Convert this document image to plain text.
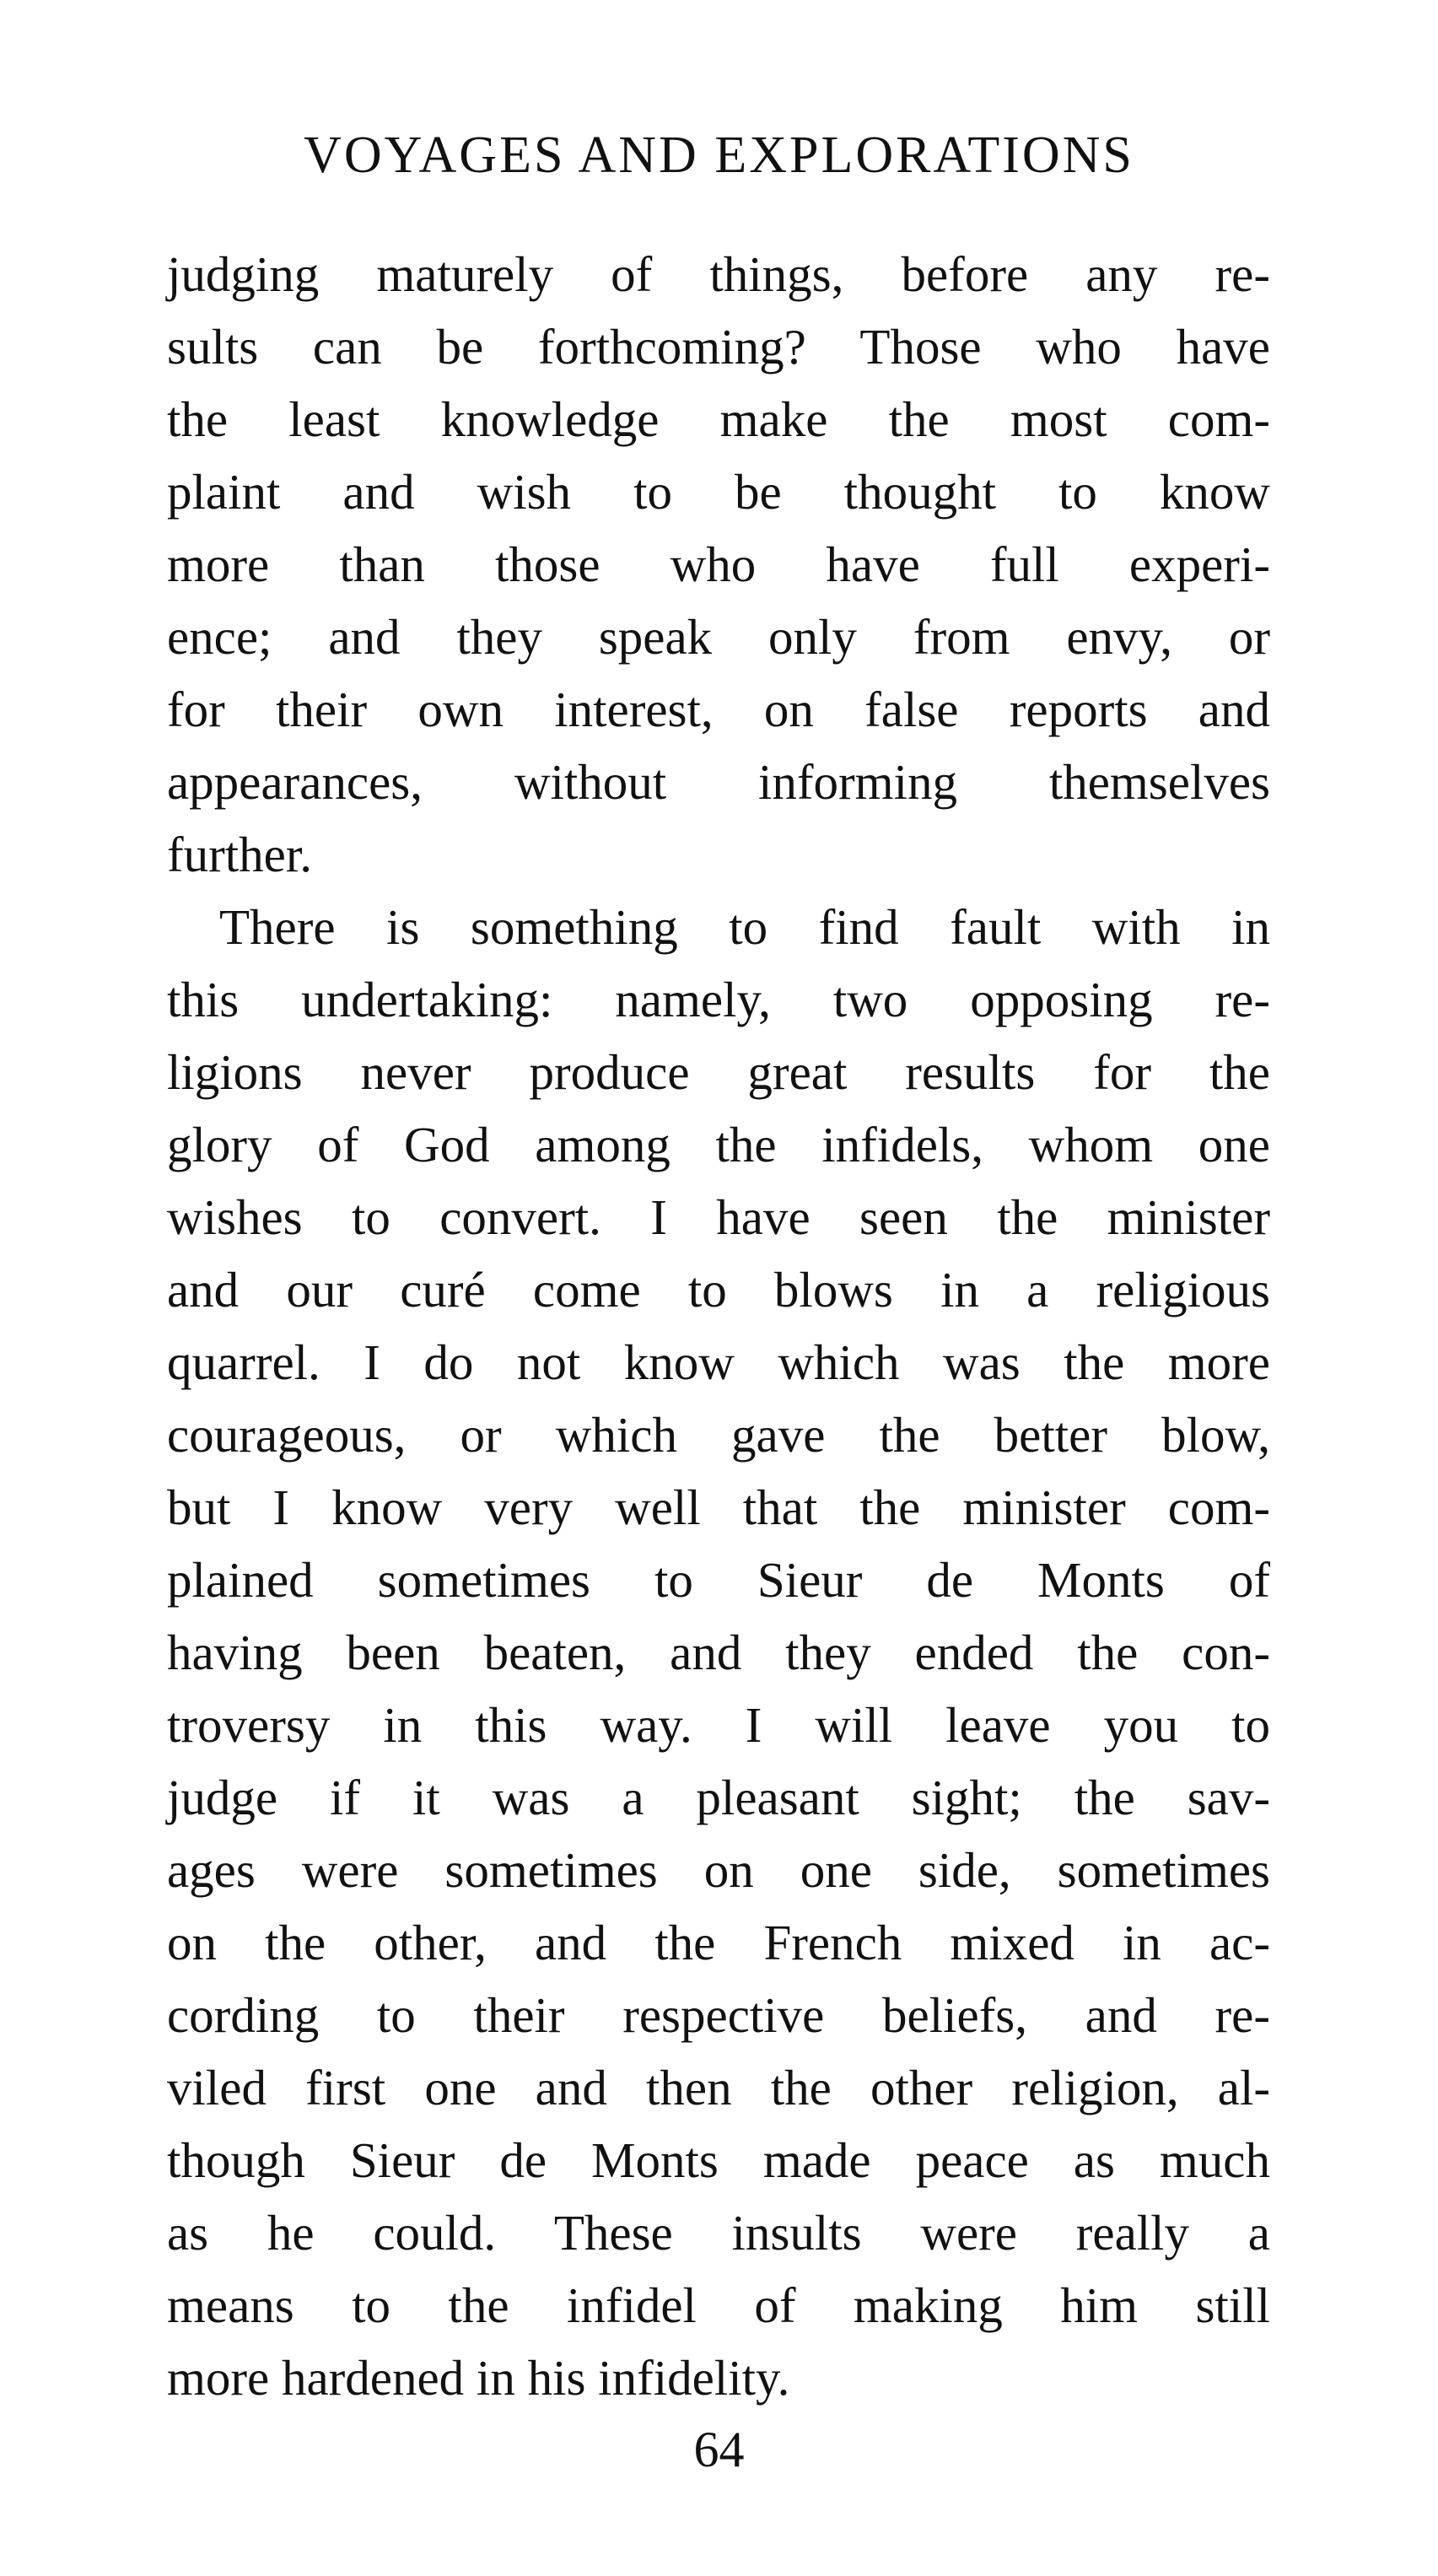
VOYAGES AND EXPLORATIONS
judging maturely of things, before any re-
sults can be forthcoming? Those who have
the least knowledge make the most com-
plaint and wish to be thought to know
more than those who have full experi-
ence; and they speak only from envy, or
for their own interest, on false reports and
appearances, without informing themselves
further.
There is something to find fault with in
this undertaking: namely, two opposing re-
ligions never produce great results for the
glory of God among the infidels, whom one
wishes to convert. I have seen the minister
and our curé come to blows in a religious
quarrel. I do not know which was the more
courageous, or which gave the better blow,
but I know very well that the minister com-
plained sometimes to Sieur de Monts of
having been beaten, and they ended the con-
troversy in this way. I will leave you to
judge if it was a pleasant sight; the sav-
ages were sometimes on one side, sometimes
on the other, and the French mixed in ac-
cording to their respective beliefs, and re-
viled first one and then the other religion, al-
though Sieur de Monts made peace as much
as he could. These insults were really a
means to the infidel of making him still
more hardened in his infidelity.
64
